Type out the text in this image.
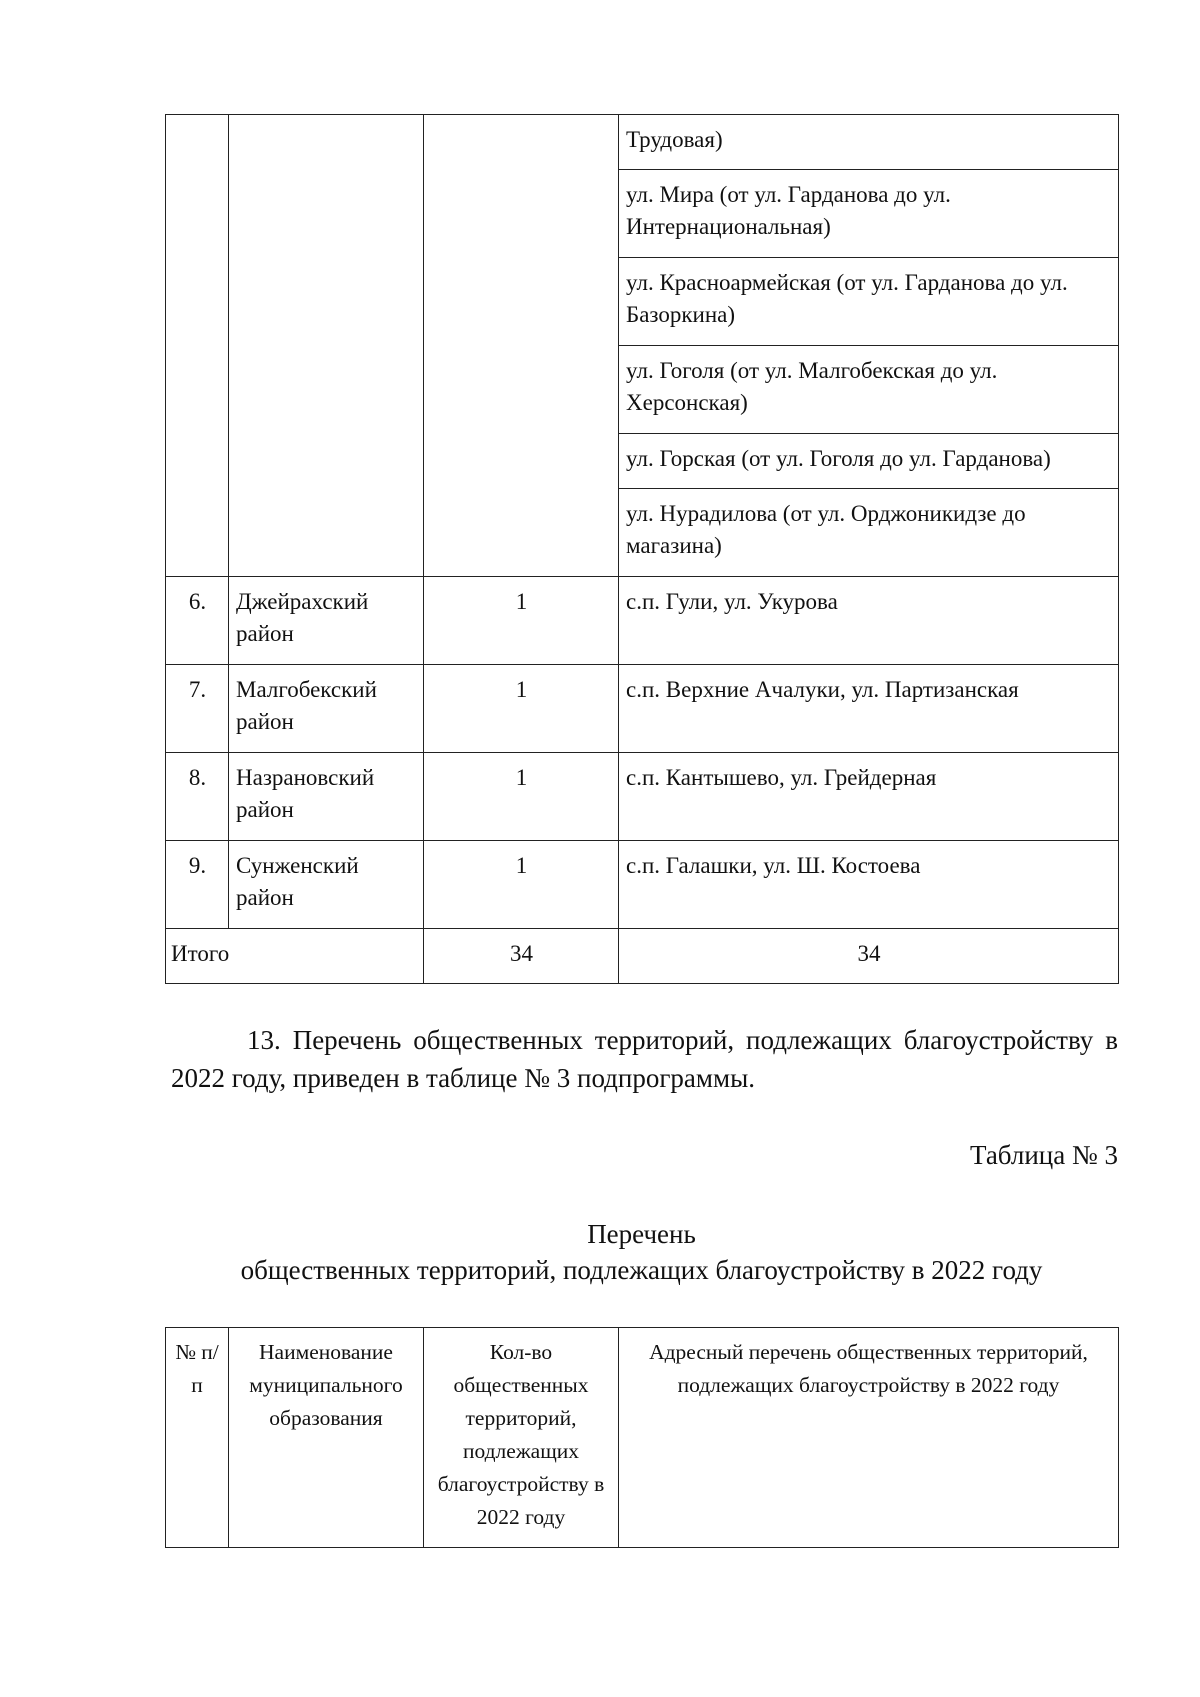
			Трудовая)
			ул. Мира (от ул. Гарданова до ул. Интернациональная)
			ул. Красноармейская (от ул. Гарданова до ул. Базоркина)
			ул. Гоголя (от ул. Малгобекская до ул. Херсонская)
			ул. Горская (от ул. Гоголя до ул. Гарданова)
			ул. Нурадилова (от ул. Орджоникидзе до магазина)
6.	Джейрахский район	1	с.п. Гули, ул. Укурова
7.	Малгобекский район	1	с.п. Верхние Ачалуки, ул. Партизанская
8.	Назрановский район	1	с.п. Кантышево, ул. Грейдерная
9.	Сунженский район	1	с.п. Галашки, ул. Ш. Костоева
Итого		34	34

13. Перечень общественных территорий, подлежащих благоустройству в 2022 году, приведен в таблице № 3 подпрограммы.

Таблица № 3

Перечень

общественных территорий, подлежащих благоустройству в 2022 году

№ п/п	Наименование муниципального образования	Кол-во общественных территорий, подлежащих благоустройству в 2022 году	Адресный перечень общественных территорий, подлежащих благоустройству в 2022 году
